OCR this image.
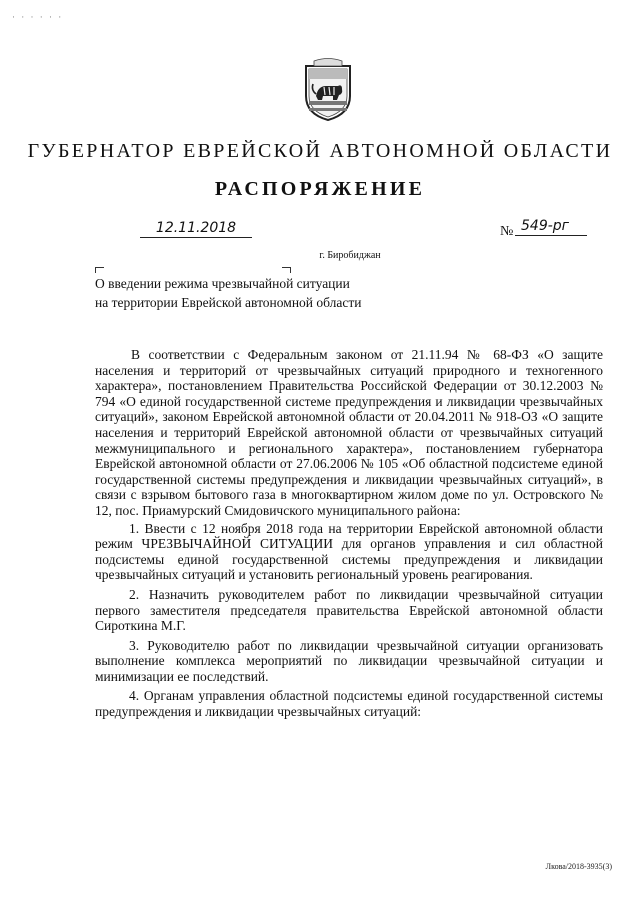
· · · · · ·
ГУБЕРНАТОР ЕВРЕЙСКОЙ АВТОНОМНОЙ ОБЛАСТИ
РАСПОРЯЖЕНИЕ
12.11.2018	№ 549-рг
г. Биробиджан
О введении режима чрезвычайной ситуации
на территории Еврейской автономной области

В соответствии с Федеральным законом от 21.11.94 № 68-ФЗ «О защите населения и территорий от чрезвычайных ситуаций природного и техногенного характера», постановлением Правительства Российской Федерации от 30.12.2003 № 794 «О единой государственной системе предупреждения и ликвидации чрезвычайных ситуаций», законом Еврейской автономной области от 20.04.2011 № 918-ОЗ «О защите населения и территорий Еврейской автономной области от чрезвычайных ситуаций межмуниципального и регионального характера», постановлением губернатора Еврейской автономной области от 27.06.2006 № 105 «Об областной подсистеме единой государственной системы предупреждения и ликвидации чрезвычайных ситуаций», в связи с взрывом бытового газа в многоквартирном жилом доме по ул. Островского № 12, пос. Приамурский Смидовичского муниципального района:

1. Ввести с 12 ноября 2018 года на территории Еврейской автономной области режим ЧРЕЗВЫЧАЙНОЙ СИТУАЦИИ для органов управления и сил областной подсистемы единой государственной системы предупреждения и ликвидации чрезвычайных ситуаций и установить региональный уровень реагирования.

2. Назначить руководителем работ по ликвидации чрезвычайной ситуации первого заместителя председателя правительства Еврейской автономной области Сироткина М.Г.

3. Руководителю работ по ликвидации чрезвычайной ситуации организовать выполнение комплекса мероприятий по ликвидации чрезвычайной ситуации и минимизации ее последствий.

4. Органам управления областной подсистемы единой государственной системы предупреждения и ликвидации чрезвычайных ситуаций:

Лкова/2018-3935(3)
